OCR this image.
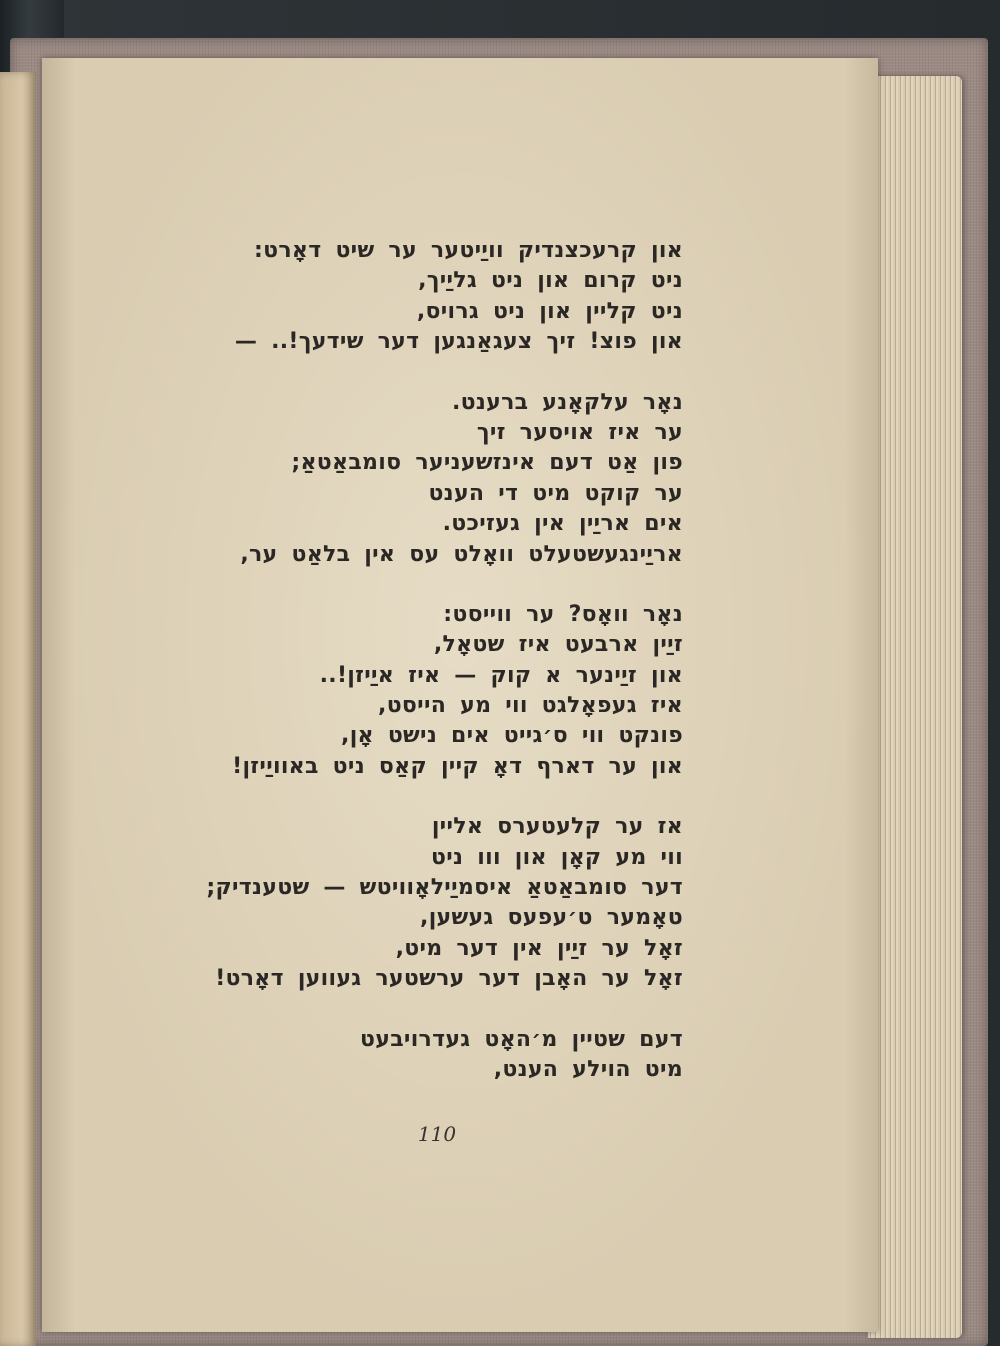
און קרעכצנדיק וויַיטער ער שיט דאָרט:
ניט קרום און ניט גליַיך,
ניט קליין און ניט גרויס,
און פוצ! זיך צעגאַנגען דער שידעך!.. —
נאָר עלקאָנע ברענט.
ער איז אויסער זיך
פון אַט דעם אינזשעניער סומבאַטאַ;
ער קוקט מיט די הענט
אים אריַין אין געזיכט.
אריַינגעשטעלט וואָלט עס אין בלאַט ער,
נאָר וואָס? ער ווייסט:
זיַין ארבעט איז שטאָל,
און זיַינער א קוק — איז איַיזן!..
איז געפאָלגט ווי מע הייסט,
פונקט ווי ס׳גייט אים נישט אָן,
און ער דארף דאָ קיין קאַס ניט באוויַיזן!
אז ער קלעטערס אליין
ווי מע קאָן און ווו ניט
דער סומבאַטאַ איסמיַילאָוויטש — שטענדיק;
טאָמער ט׳עפעס געשען,
זאָל ער זיַין אין דער מיט,
זאָל ער האָבן דער ערשטער געווען דאָרט!
דעם שטיין מ׳האָט געדרויבעט
מיט הוילע הענט,
110
